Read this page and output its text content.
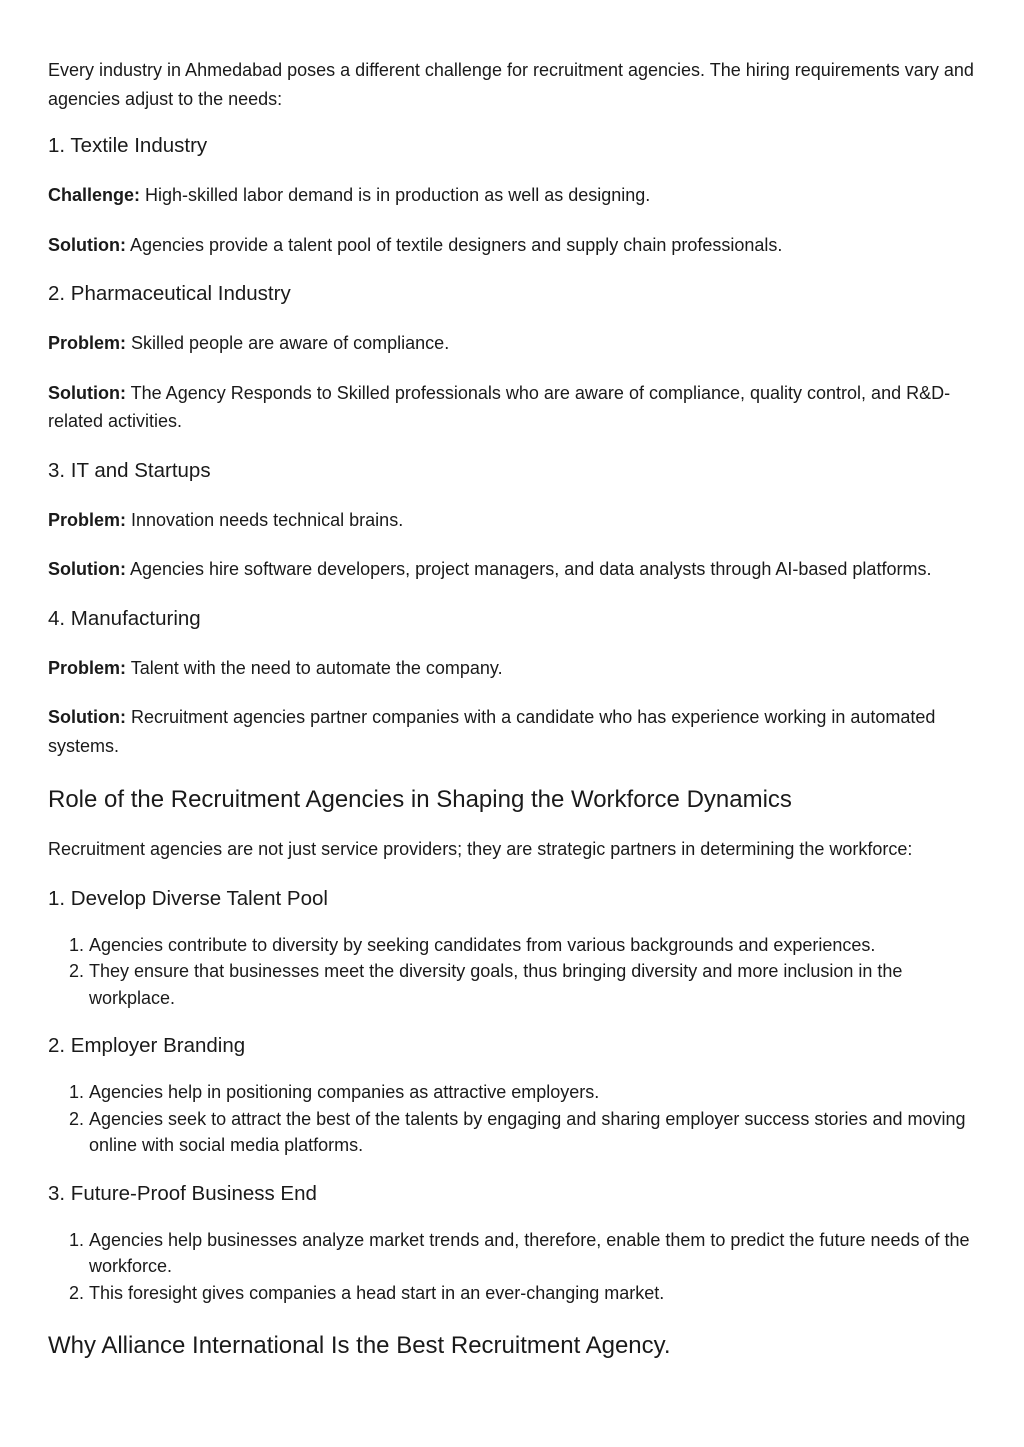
Every industry in Ahmedabad poses a different challenge for recruitment agencies. The hiring requirements vary and agencies adjust to the needs:

1. Textile Industry

Challenge: High-skilled labor demand is in production as well as designing.

Solution: Agencies provide a talent pool of textile designers and supply chain professionals.

2. Pharmaceutical Industry

Problem: Skilled people are aware of compliance.

Solution: The Agency Responds to Skilled professionals who are aware of compliance, quality control, and R&D-related activities.

3. IT and Startups

Problem: Innovation needs technical brains.

Solution: Agencies hire software developers, project managers, and data analysts through AI-based platforms.

4. Manufacturing

Problem: Talent with the need to automate the company.

Solution: Recruitment agencies partner companies with a candidate who has experience working in automated systems.

Role of the Recruitment Agencies in Shaping the Workforce Dynamics

Recruitment agencies are not just service providers; they are strategic partners in determining the workforce:

1. Develop Diverse Talent Pool
1. Agencies contribute to diversity by seeking candidates from various backgrounds and experiences.
2. They ensure that businesses meet the diversity goals, thus bringing diversity and more inclusion in the workplace.
2. Employer Branding
1. Agencies help in positioning companies as attractive employers.
2. Agencies seek to attract the best of the talents by engaging and sharing employer success stories and moving online with social media platforms.
3. Future-Proof Business End
1. Agencies help businesses analyze market trends and, therefore, enable them to predict the future needs of the workforce.
2. This foresight gives companies a head start in an ever-changing market.
Why Alliance International Is the Best Recruitment Agency.
